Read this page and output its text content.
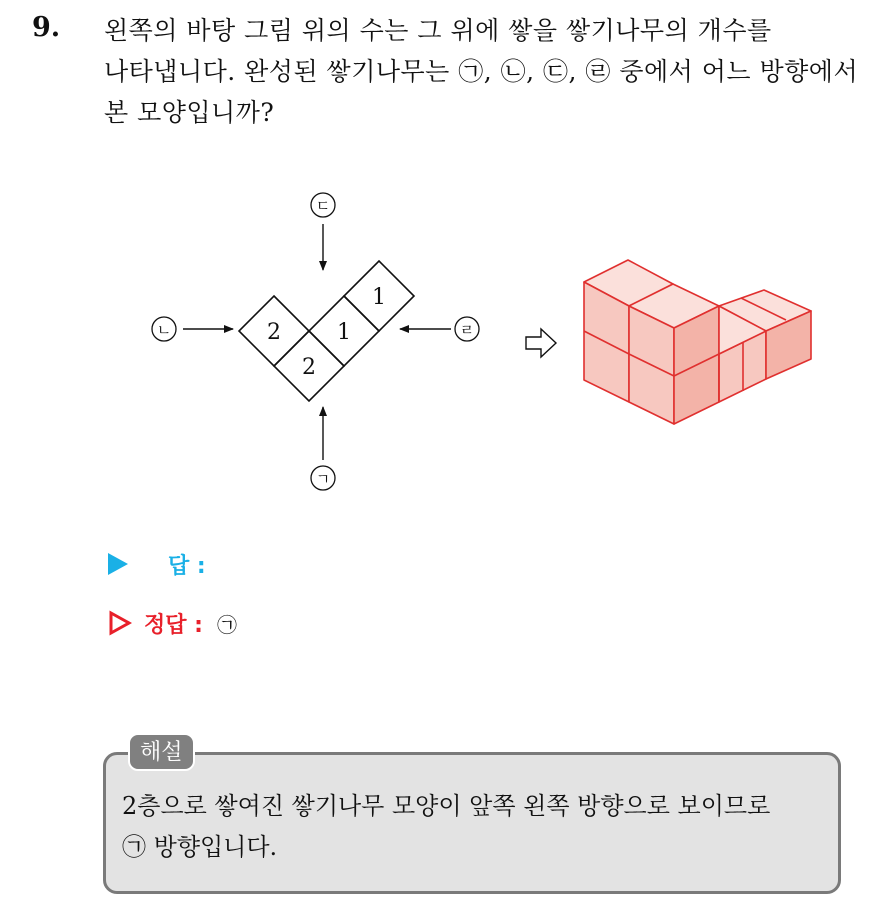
9. 왼쪽의 바탕 그림 위의 수는 그 위에 쌓을 쌓기나무의 개수를
나타냅니다. 완성된 쌓기나무는 ㉠, ㉡, ㉢, ㉣ 중에서 어느 방향에서
본 모양입니까?
2
2
1
1
ㄷ
ㄱ
ㄴ	ㄹ
답 :
정답 : ㉠
해설
2층으로 쌓여진 쌓기나무 모양이 앞쪽 왼쪽 방향으로 보이므로
㉠ 방향입니다.
